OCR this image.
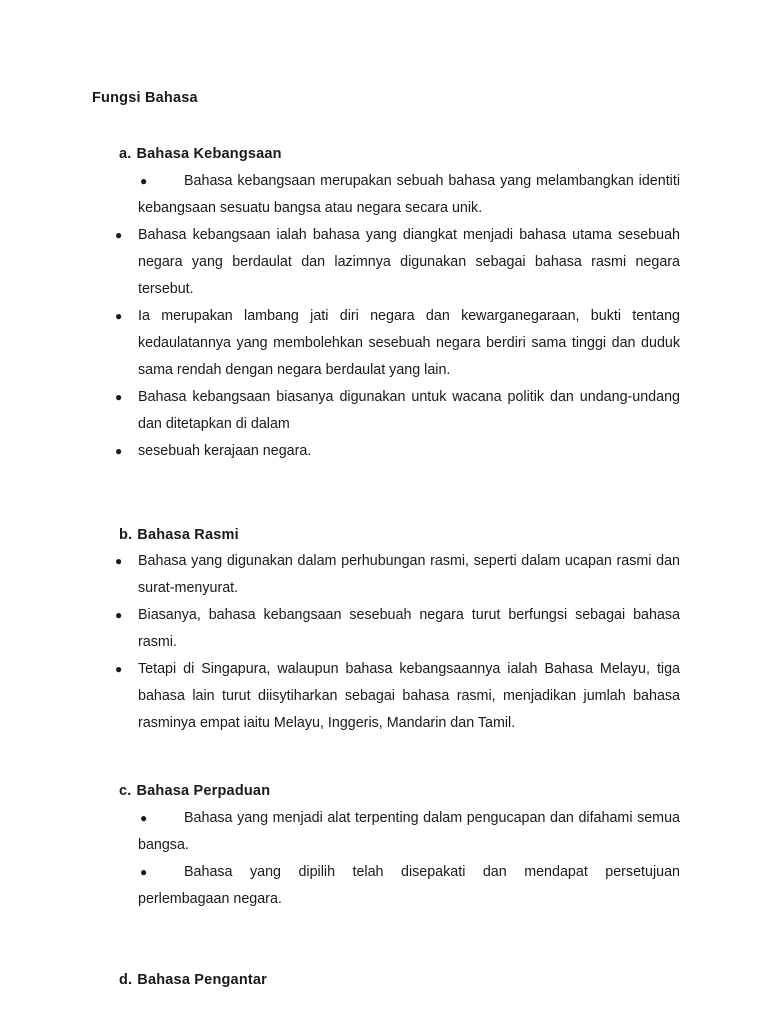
Fungsi Bahasa
a. Bahasa Kebangsaan
●	Bahasa kebangsaan merupakan sebuah bahasa yang melambangkan identiti kebangsaan sesuatu bangsa atau negara secara unik.
● Bahasa kebangsaan ialah bahasa yang diangkat menjadi bahasa utama sesebuah negara yang berdaulat dan lazimnya digunakan sebagai bahasa rasmi negara tersebut.
● Ia merupakan lambang jati diri negara dan kewarganegaraan, bukti tentang kedaulatannya yang membolehkan sesebuah negara berdiri sama tinggi dan duduk sama rendah dengan negara berdaulat yang lain.
● Bahasa kebangsaan biasanya digunakan untuk wacana politik dan undang-undang dan ditetapkan di dalam
● sesebuah kerajaan negara.
b. Bahasa Rasmi
● Bahasa yang digunakan dalam perhubungan rasmi, seperti dalam ucapan rasmi dan surat-menyurat.
● Biasanya, bahasa kebangsaan sesebuah negara turut berfungsi sebagai bahasa rasmi.
● Tetapi di Singapura, walaupun bahasa kebangsaannya ialah Bahasa Melayu, tiga bahasa lain turut diisytiharkan sebagai bahasa rasmi, menjadikan jumlah bahasa rasminya empat iaitu Melayu, Inggeris, Mandarin dan Tamil.
c. Bahasa Perpaduan
●	Bahasa yang menjadi alat terpenting dalam pengucapan dan difahami semua bangsa.
●	Bahasa yang dipilih telah disepakati dan mendapat persetujuan perlembagaan negara.
d. Bahasa Pengantar
